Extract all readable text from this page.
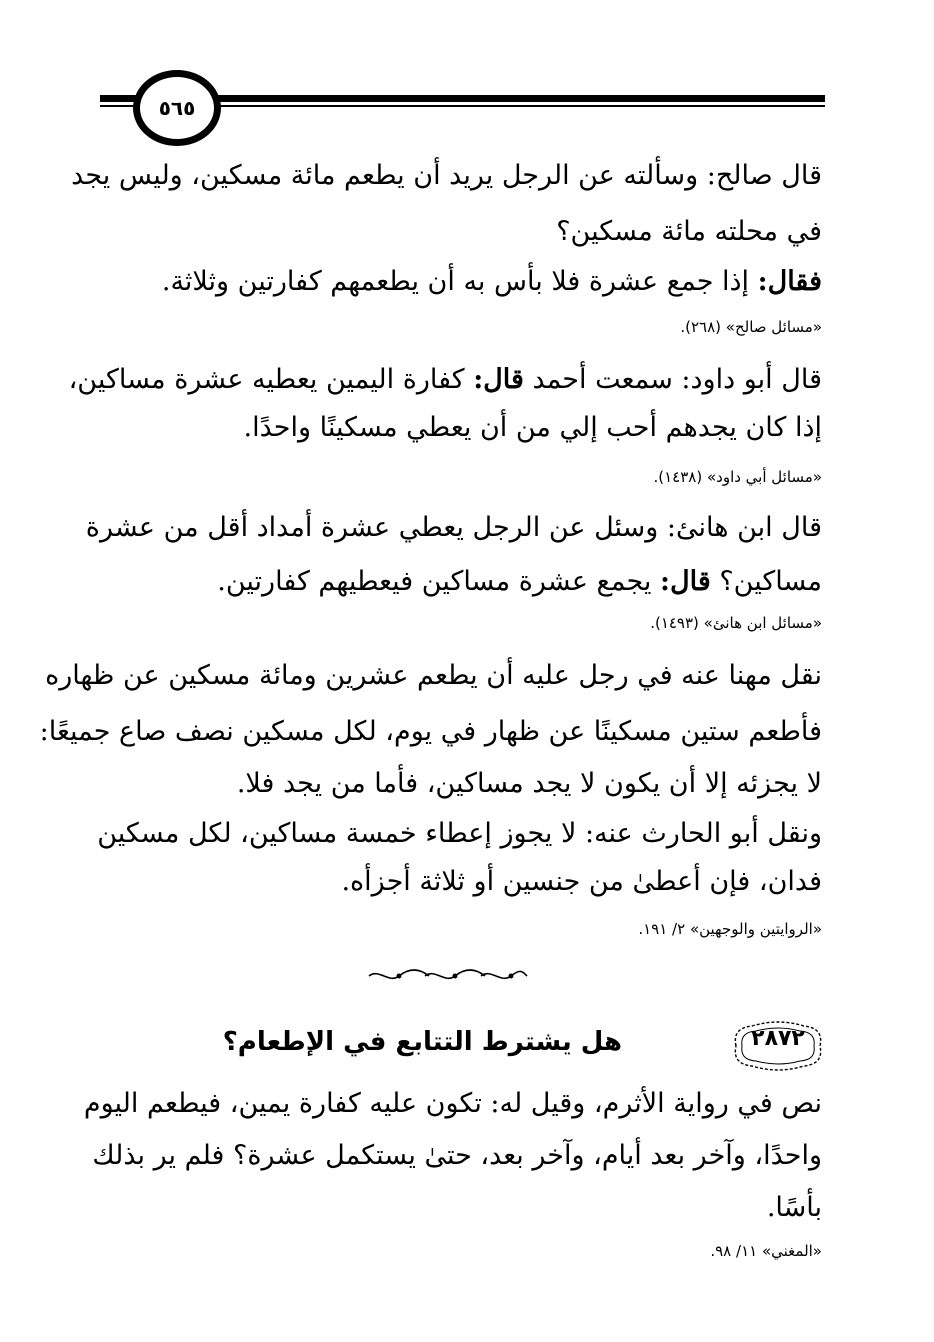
٥٦٥
قال صالح: وسألته عن الرجل يريد أن يطعم مائة مسكين، وليس يجد
في محلته مائة مسكين؟
فقال: إذا جمع عشرة فلا بأس به أن يطعمهم كفارتين وثلاثة.
«مسائل صالح» (٢٦٨).
قال أبو داود: سمعت أحمد قال: كفارة اليمين يعطيه عشرة مساكين،
إذا كان يجدهم أحب إلي من أن يعطي مسكينًا واحدًا.
«مسائل أبي داود» (١٤٣٨).
قال ابن هانئ: وسئل عن الرجل يعطي عشرة أمداد أقل من عشرة
مساكين؟ قال: يجمع عشرة مساكين فيعطيهم كفارتين.
«مسائل ابن هانئ» (١٤٩٣).
نقل مهنا عنه في رجل عليه أن يطعم عشرين ومائة مسكين عن ظهاره
فأطعم ستين مسكينًا عن ظهار في يوم، لكل مسكين نصف صاع جميعًا:
لا يجزئه إلا أن يكون لا يجد مساكين، فأما من يجد فلا.
ونقل أبو الحارث عنه: لا يجوز إعطاء خمسة مساكين، لكل مسكين
فدان، فإن أعطىٰ من جنسين أو ثلاثة أجزأه.
«الروايتين والوجهين» ٢/ ١٩١.
٢٨٧٢
هل يشترط التتابع في الإطعام؟
نص في رواية الأثرم، وقيل له: تكون عليه كفارة يمين، فيطعم اليوم
واحدًا، وآخر بعد أيام، وآخر بعد، حتىٰ يستكمل عشرة؟ فلم ير بذلك
بأسًا.
«المغني» ١١/ ٩٨.
